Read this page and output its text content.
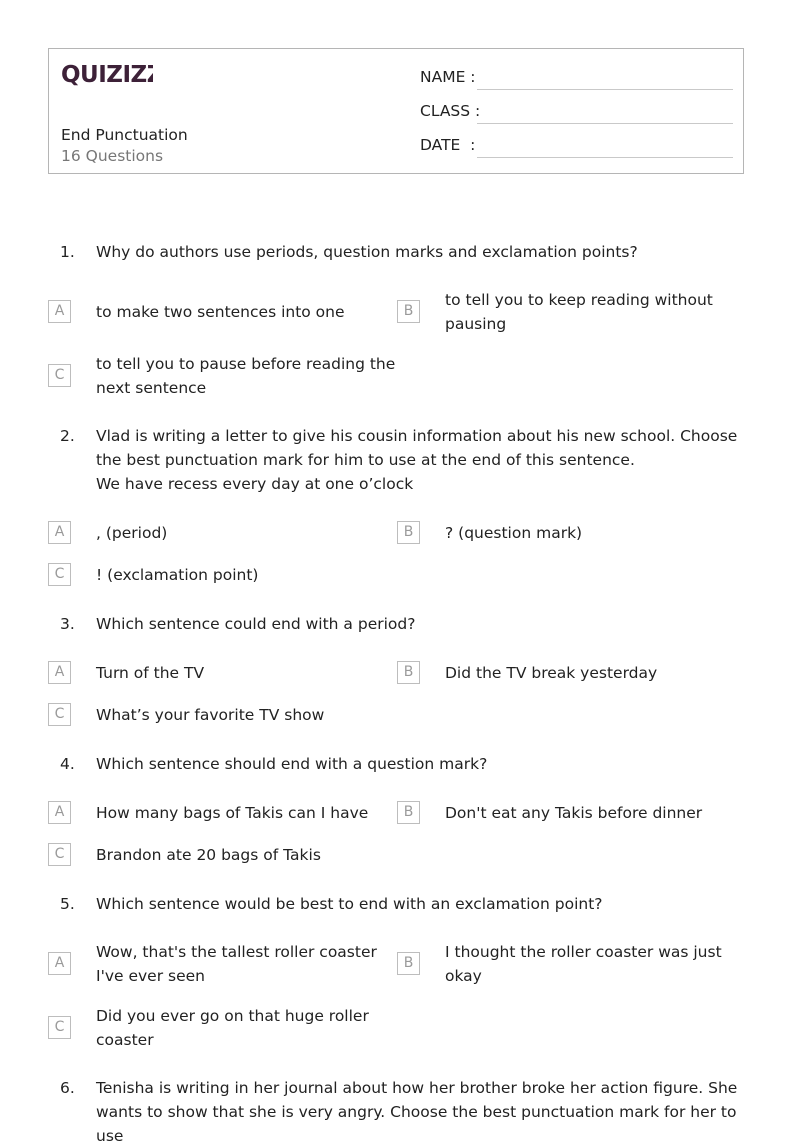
QUIZIZZ
End Punctuation
16 Questions
NAME :
CLASS :
DATE  :
1.	Why do authors use periods, question marks and exclamation points?
A	to make two sentences into one	B
to tell you to keep reading without pausing
C
to tell you to pause before reading the next sentence
2.	Vlad is writing a letter to give his cousin information about his new school. Choose the best punctuation mark for him to use at the end of this sentence.
We have recess every day at one o’clock
A	, (period)	B	? (question mark)
C	! (exclamation point)
3.	Which sentence could end with a period?
A	Turn of the TV	B	Did the TV break yesterday
C	What’s your favorite TV show
4.	Which sentence should end with a question mark?
A	How many bags of Takis can I have	B	Don't eat any Takis before dinner
C	Brandon ate 20 bags of Takis
5.	Which sentence would be best to end with an exclamation point?
A
Wow, that's the tallest roller coaster I've ever seen
B
I thought the roller coaster was just okay
C
Did you ever go on that huge roller coaster
6.	Tenisha is writing in her journal about how her brother broke her action figure. She wants to show that she is very angry. Choose the best punctuation mark for her to use
